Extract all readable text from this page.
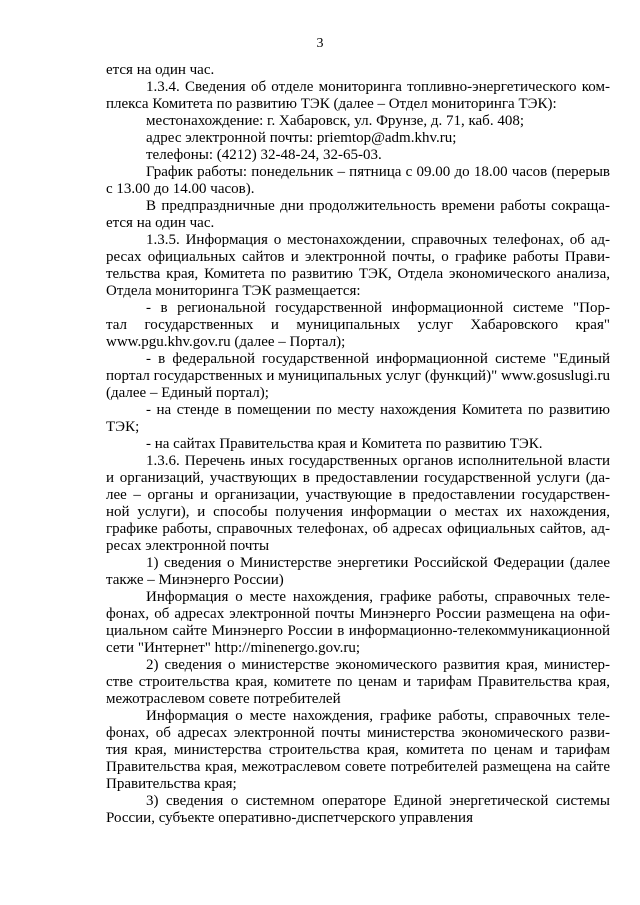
3
ется на один час.
1.3.4. Сведения об отделе мониторинга топливно-энергетического ком-
плекса Комитета по развитию ТЭК (далее – Отдел мониторинга ТЭК):
местонахождение: г. Хабаровск, ул. Фрунзе, д. 71, каб. 408;
адрес электронной почты: priemtop@adm.khv.ru;
телефоны: (4212) 32-48-24, 32-65-03.
График работы: понедельник – пятница с 09.00 до 18.00 часов (перерыв
с 13.00 до 14.00 часов).
В предпраздничные дни продолжительность времени работы сокраща-
ется на один час.
1.3.5. Информация о местонахождении, справочных телефонах, об ад-
ресах официальных сайтов и электронной почты, о графике работы Прави-
тельства края, Комитета по развитию ТЭК, Отдела экономического анализа,
Отдела мониторинга ТЭК размещается:
- в региональной государственной информационной системе "Пор-
тал государственных и муниципальных услуг Хабаровского края"
www.pgu.khv.gov.ru (далее – Портал);
- в федеральной государственной информационной системе "Единый
портал государственных и муниципальных услуг (функций)" www.gosuslugi.ru
(далее – Единый портал);
- на стенде в помещении по месту нахождения Комитета по развитию
ТЭК;
- на сайтах Правительства края и Комитета по развитию ТЭК.
1.3.6. Перечень иных государственных органов исполнительной власти
и организаций, участвующих в предоставлении государственной услуги (да-
лее – органы и организации, участвующие в предоставлении государствен-
ной услуги), и способы получения информации о местах их нахождения,
графике работы, справочных телефонах, об адресах официальных сайтов, ад-
ресах электронной почты
1) сведения о Министерстве энергетики Российской Федерации (далее
также – Минэнерго России)
Информация о месте нахождения, графике работы, справочных теле-
фонах, об адресах электронной почты Минэнерго России размещена на офи-
циальном сайте Минэнерго России в информационно-телекоммуникационной
сети "Интернет" http://minenergo.gov.ru;
2) сведения о министерстве экономического развития края, министер-
стве строительства края, комитете по ценам и тарифам Правительства края,
межотраслевом совете потребителей
Информация о месте нахождения, графике работы, справочных теле-
фонах, об адресах электронной почты министерства экономического разви-
тия края, министерства строительства края, комитета по ценам и тарифам
Правительства края, межотраслевом совете потребителей размещена на сайте
Правительства края;
3) сведения о системном операторе Единой энергетической системы
России, субъекте оперативно-диспетчерского управления
